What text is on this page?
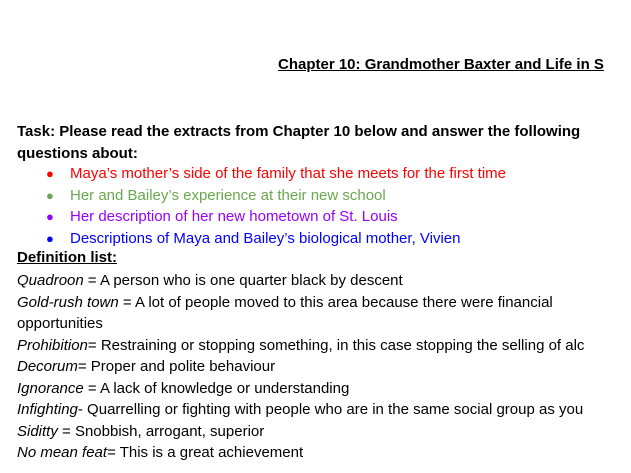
Chapter 10: Grandmother Baxter and Life in S
Task: Please read the extracts from Chapter 10 below and answer the following
questions about:
● Maya’s mother’s side of the family that she meets for the first time
● Her and Bailey’s experience at their new school
● Her description of her new hometown of St. Louis
● Descriptions of Maya and Bailey’s biological mother, Vivien
Definition list:
Quadroon = A person who is one quarter black by descent
Gold-rush town = A lot of people moved to this area because there were financial opportunities
Prohibition= Restraining or stopping something, in this case stopping the selling of alc
Decorum= Proper and polite behaviour
Ignorance = A lack of knowledge or understanding
Infighting- Quarrelling or fighting with people who are in the same social group as you
Siditty = Snobbish, arrogant, superior
No mean feat= This is a great achievement
